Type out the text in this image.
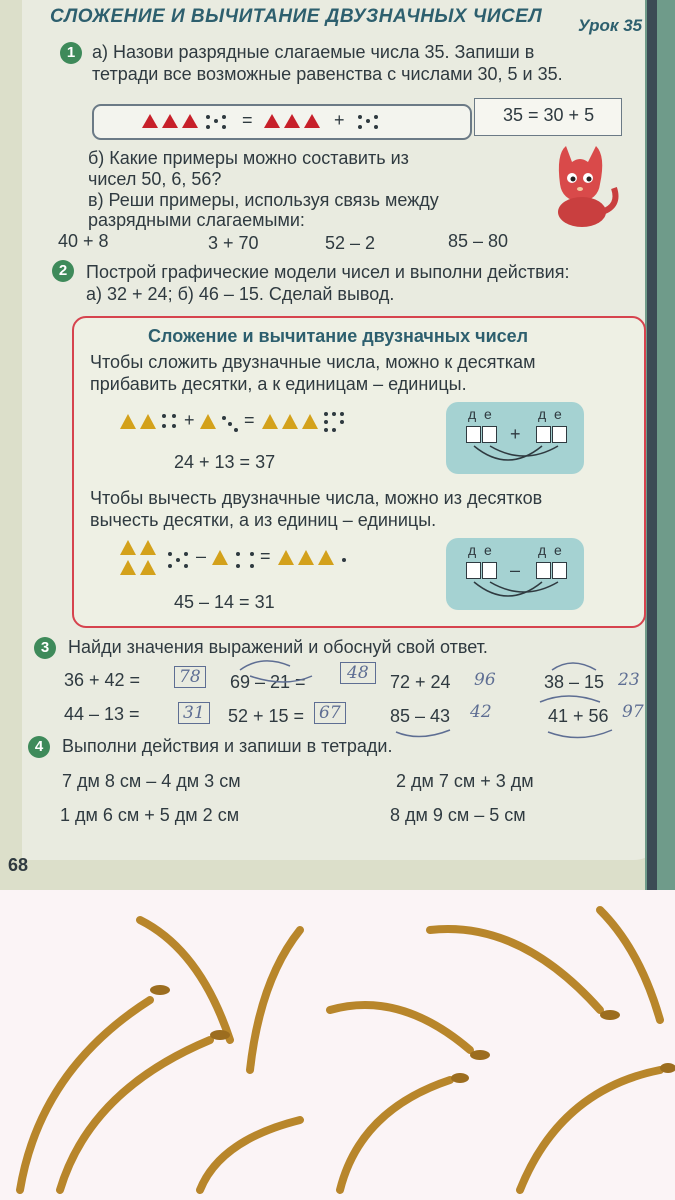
СЛОЖЕНИЕ И ВЫЧИТАНИЕ ДВУЗНАЧНЫХ ЧИСЕЛ Урок 35
1 а) Назови разрядные слагаемые числа 35. Запиши в
тетради все возможные равенства с числами 30, 5 и 35.
=	+	35 = 30 + 5
б) Какие примеры можно составить из
чисел 50, 6, 56?
в) Реши примеры, используя связь между
разрядными слагаемыми:
40 + 8	3 + 70	52 – 2	85 – 80
2	Построй графические модели чисел и выполни действия:
а) 32 + 24; б) 46 – 15. Сделай вывод.
Сложение и вычитание двузначных чисел
Чтобы сложить двузначные числа, можно к десяткам
прибавить десятки, а к единицам – единицы.
+	=
24 + 13 = 37
д е	д е
+
Чтобы вычесть двузначные числа, можно из десятков
вычесть десятки, а из единиц – единицы.
–	=
45 – 14 = 31
д е	д е
–
3	Найди значения выражений и обоснуй свой ответ.
36 + 42 =	69 – 21 =	72 + 24	38 – 15
44 – 13 =	52 + 15 =	85 – 43	41 + 56
78	48	96	23
31	67	42	97
4	Выполни действия и запиши в тетради.
7 дм 8 см – 4 дм 3 см	2 дм 7 см + 3 дм
1 дм 6 см + 5 дм 2 см	8 дм 9 см – 5 см
68
